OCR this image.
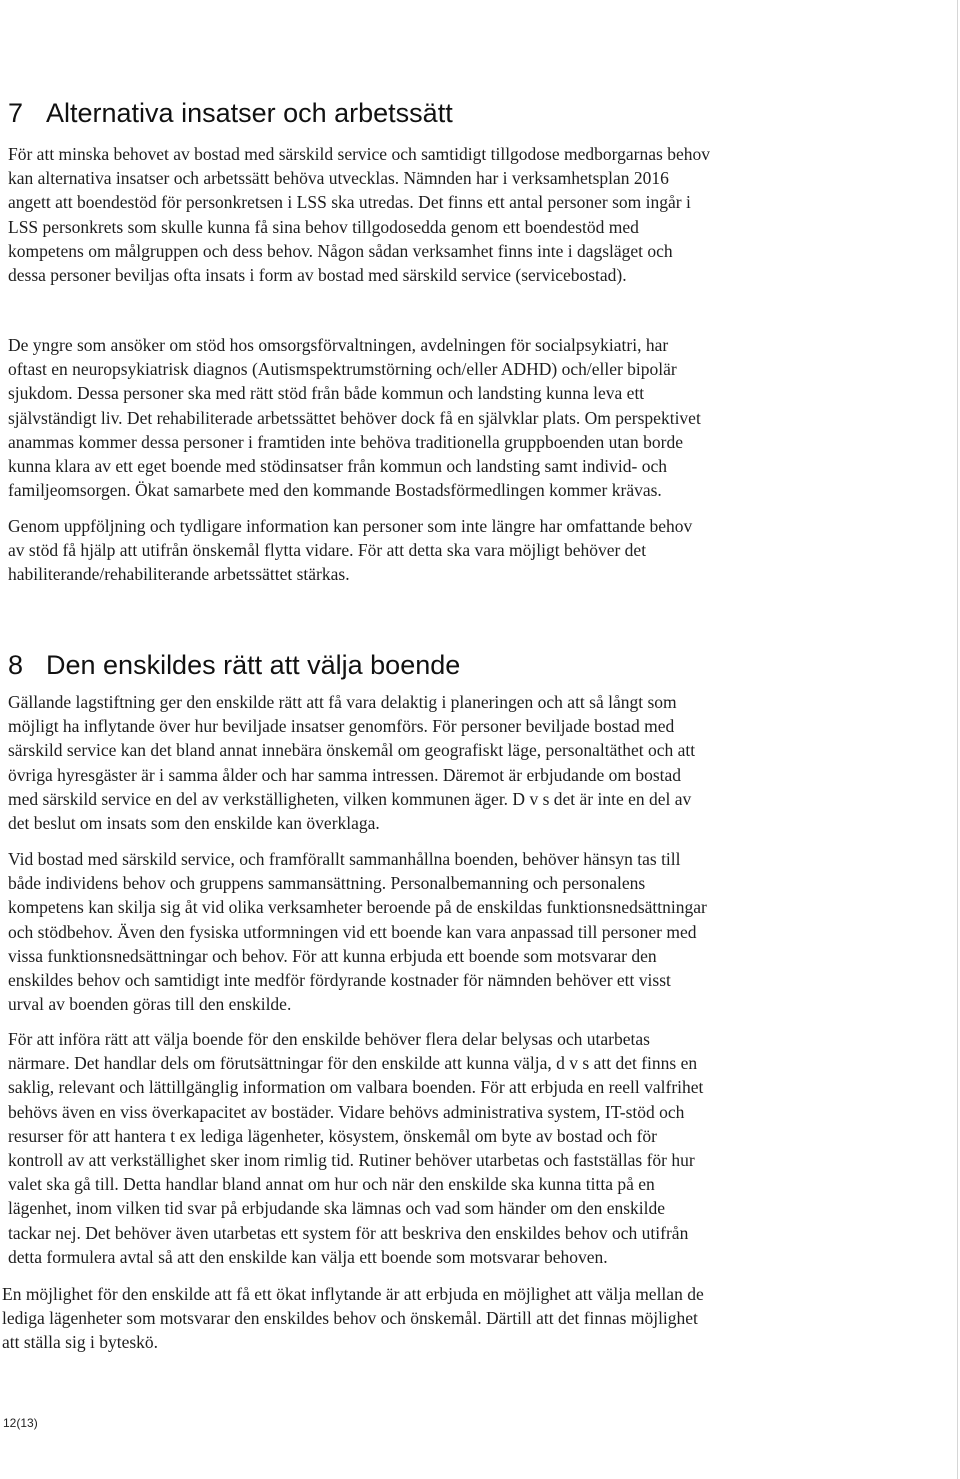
7 Alternativa insatser och arbetssätt

För att minska behovet av bostad med särskild service och samtidigt tillgodose medborgarnas behov
kan alternativa insatser och arbetssätt behöva utvecklas. Nämnden har i verksamhetsplan 2016
angett att boendestöd för personkretsen i LSS ska utredas. Det finns ett antal personer som ingår i
LSS personkrets som skulle kunna få sina behov tillgodosedda genom ett boendestöd med
kompetens om målgruppen och dess behov. Någon sådan verksamhet finns inte i dagsläget och
dessa personer beviljas ofta insats i form av bostad med särskild service (servicebostad).

De yngre som ansöker om stöd hos omsorgsförvaltningen, avdelningen för socialpsykiatri, har
oftast en neuropsykiatrisk diagnos (Autismspektrumstörning och/eller ADHD) och/eller bipolär
sjukdom. Dessa personer ska med rätt stöd från både kommun och landsting kunna leva ett
självständigt liv. Det rehabiliterade arbetssättet behöver dock få en självklar plats. Om perspektivet
anammas kommer dessa personer i framtiden inte behöva traditionella gruppboenden utan borde
kunna klara av ett eget boende med stödinsatser från kommun och landsting samt individ- och
familjeomsorgen. Ökat samarbete med den kommande Bostadsförmedlingen kommer krävas.

Genom uppföljning och tydligare information kan personer som inte längre har omfattande behov
av stöd få hjälp att utifrån önskemål flytta vidare. För att detta ska vara möjligt behöver det
habiliterande/rehabiliterande arbetssättet stärkas.

8 Den enskildes rätt att välja boende

Gällande lagstiftning ger den enskilde rätt att få vara delaktig i planeringen och att så långt som
möjligt ha inflytande över hur beviljade insatser genomförs. För personer beviljade bostad med
särskild service kan det bland annat innebära önskemål om geografiskt läge, personaltäthet och att
övriga hyresgäster är i samma ålder och har samma intressen. Däremot är erbjudande om bostad
med särskild service en del av verkställigheten, vilken kommunen äger. D v s det är inte en del av
det beslut om insats som den enskilde kan överklaga.

Vid bostad med särskild service, och framförallt sammanhållna boenden, behöver hänsyn tas till
både individens behov och gruppens sammansättning. Personalbemanning och personalens
kompetens kan skilja sig åt vid olika verksamheter beroende på de enskildas funktionsnedsättningar
och stödbehov. Även den fysiska utformningen vid ett boende kan vara anpassad till personer med
vissa funktionsnedsättningar och behov. För att kunna erbjuda ett boende som motsvarar den
enskildes behov och samtidigt inte medför fördyrande kostnader för nämnden behöver ett visst
urval av boenden göras till den enskilde.

För att införa rätt att välja boende för den enskilde behöver flera delar belysas och utarbetas
närmare. Det handlar dels om förutsättningar för den enskilde att kunna välja, d v s att det finns en
saklig, relevant och lättillgänglig information om valbara boenden. För att erbjuda en reell valfrihet
behövs även en viss överkapacitet av bostäder. Vidare behövs administrativa system, IT-stöd och
resurser för att hantera t ex lediga lägenheter, kösystem, önskemål om byte av bostad och för
kontroll av att verkställighet sker inom rimlig tid. Rutiner behöver utarbetas och fastställas för hur
valet ska gå till. Detta handlar bland annat om hur och när den enskilde ska kunna titta på en
lägenhet, inom vilken tid svar på erbjudande ska lämnas och vad som händer om den enskilde
tackar nej. Det behöver även utarbetas ett system för att beskriva den enskildes behov och utifrån
detta formulera avtal så att den enskilde kan välja ett boende som motsvarar behoven.

En möjlighet för den enskilde att få ett ökat inflytande är att erbjuda en möjlighet att välja mellan de
lediga lägenheter som motsvarar den enskildes behov och önskemål. Därtill att det finnas möjlighet
att ställa sig i byteskö.

12(13)
